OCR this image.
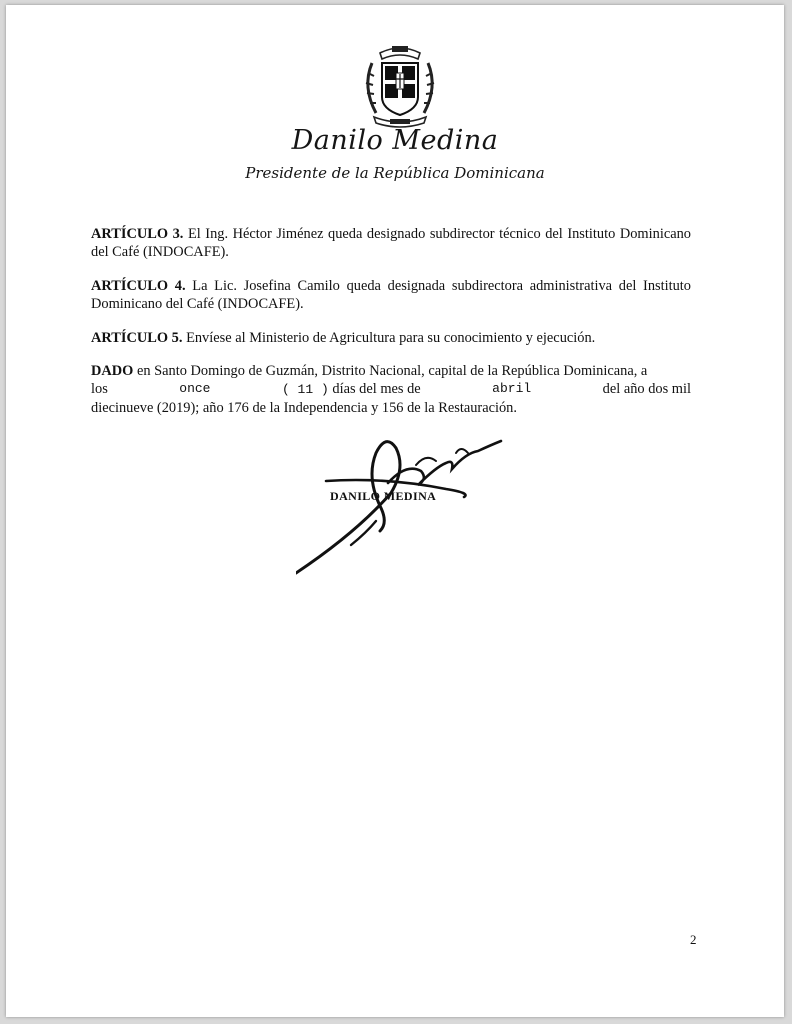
Danilo Medina
Presidente de la República Dominicana
ARTÍCULO 3. El Ing. Héctor Jiménez queda designado subdirector técnico del Instituto Dominicano del Café (INDOCAFE).
ARTÍCULO 4. La Lic. Josefina Camilo queda designada subdirectora administrativa del Instituto Dominicano del Café (INDOCAFE).
ARTÍCULO 5. Envíese al Ministerio de Agricultura para su conocimiento y ejecución.
DADO en Santo Domingo de Guzmán, Distrito Nacional, capital de la República Dominicana, a
los	once	( 11 ) días del mes de	abril	del año dos mil
diecinueve (2019); año 176 de la Independencia y 156 de la Restauración.
DANILO MEDINA
2
